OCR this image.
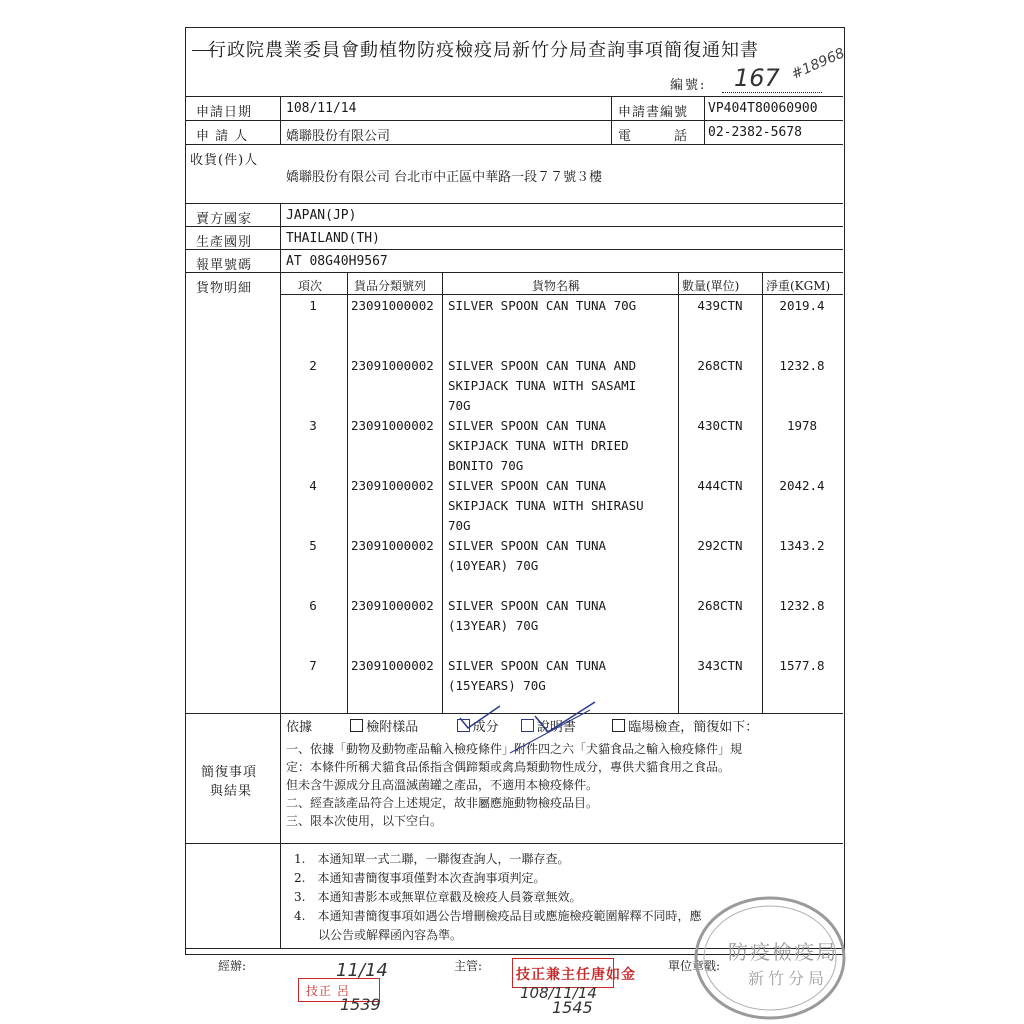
行政院農業委員會動植物防疫檢疫局新竹分局查詢事項簡復通知書
編號: 167 #18968
申請日期	108/11/14	申請書編號 VP404T80060900
申 請 人	嬌聯股份有限公司	電　　　話 02-2382-5678
收貨(件)人
嬌聯股份有限公司 台北市中正區中華路一段７７號３樓
賣方國家	JAPAN(JP)
生產國別	THAILAND(TH)
報單號碼	AT 08G40H9567
貨物明細	項次	貨品分類號列	貨物名稱	數量(單位) 淨重(KGM)
1	23091000002	SILVER SPOON CAN TUNA 70G	439CTN	2019.4
2	23091000002	SILVER SPOON CAN TUNA AND
SKIPJACK TUNA WITH SASAMI
70G
268CTN	1232.8
3	23091000002	SILVER SPOON CAN TUNA
SKIPJACK TUNA WITH DRIED
BONITO 70G
430CTN	1978
4	23091000002	SILVER SPOON CAN TUNA
SKIPJACK TUNA WITH SHIRASU
70G
444CTN	2042.4
5	23091000002	SILVER SPOON CAN TUNA
(10YEAR) 70G
292CTN	1343.2
6	23091000002	SILVER SPOON CAN TUNA
(13YEAR) 70G
268CTN	1232.8
7	23091000002	SILVER SPOON CAN TUNA
(15YEARS) 70G
343CTN	1577.8
簡復事項
與結果
依據	檢附樣品	成分	說明書	臨場檢查，簡復如下：
一、依據「動物及動物產品輸入檢疫條件」附件四之六「犬貓食品之輸入檢疫條件」規
定：本條件所稱犬貓食品係指含偶蹄類或禽鳥類動物性成分，專供犬貓食用之食品。
但未含牛源成分且高溫滅菌罐之產品，不適用本檢疫條件。
二、經查該產品符合上述規定，故非屬應施動物檢疫品目。
三、限本次使用，以下空白。
1.　本通知單一式二聯，一聯復查詢人，一聯存查。
2.　本通知書簡復事項僅對本次查詢事項判定。
3.　本通知書影本或無單位章戳及檢疫人員簽章無效。
4.　本通知書簡復事項如遇公告增刪檢疫品目或應施檢疫範圍解釋不同時，應
　　以公告或解釋函內容為準。
經辦:	主管:	單位章戳:
11/14
技正 呂
1539
技正兼主任唐如金
108/11/14
1545
防疫檢疫局
新竹分局
